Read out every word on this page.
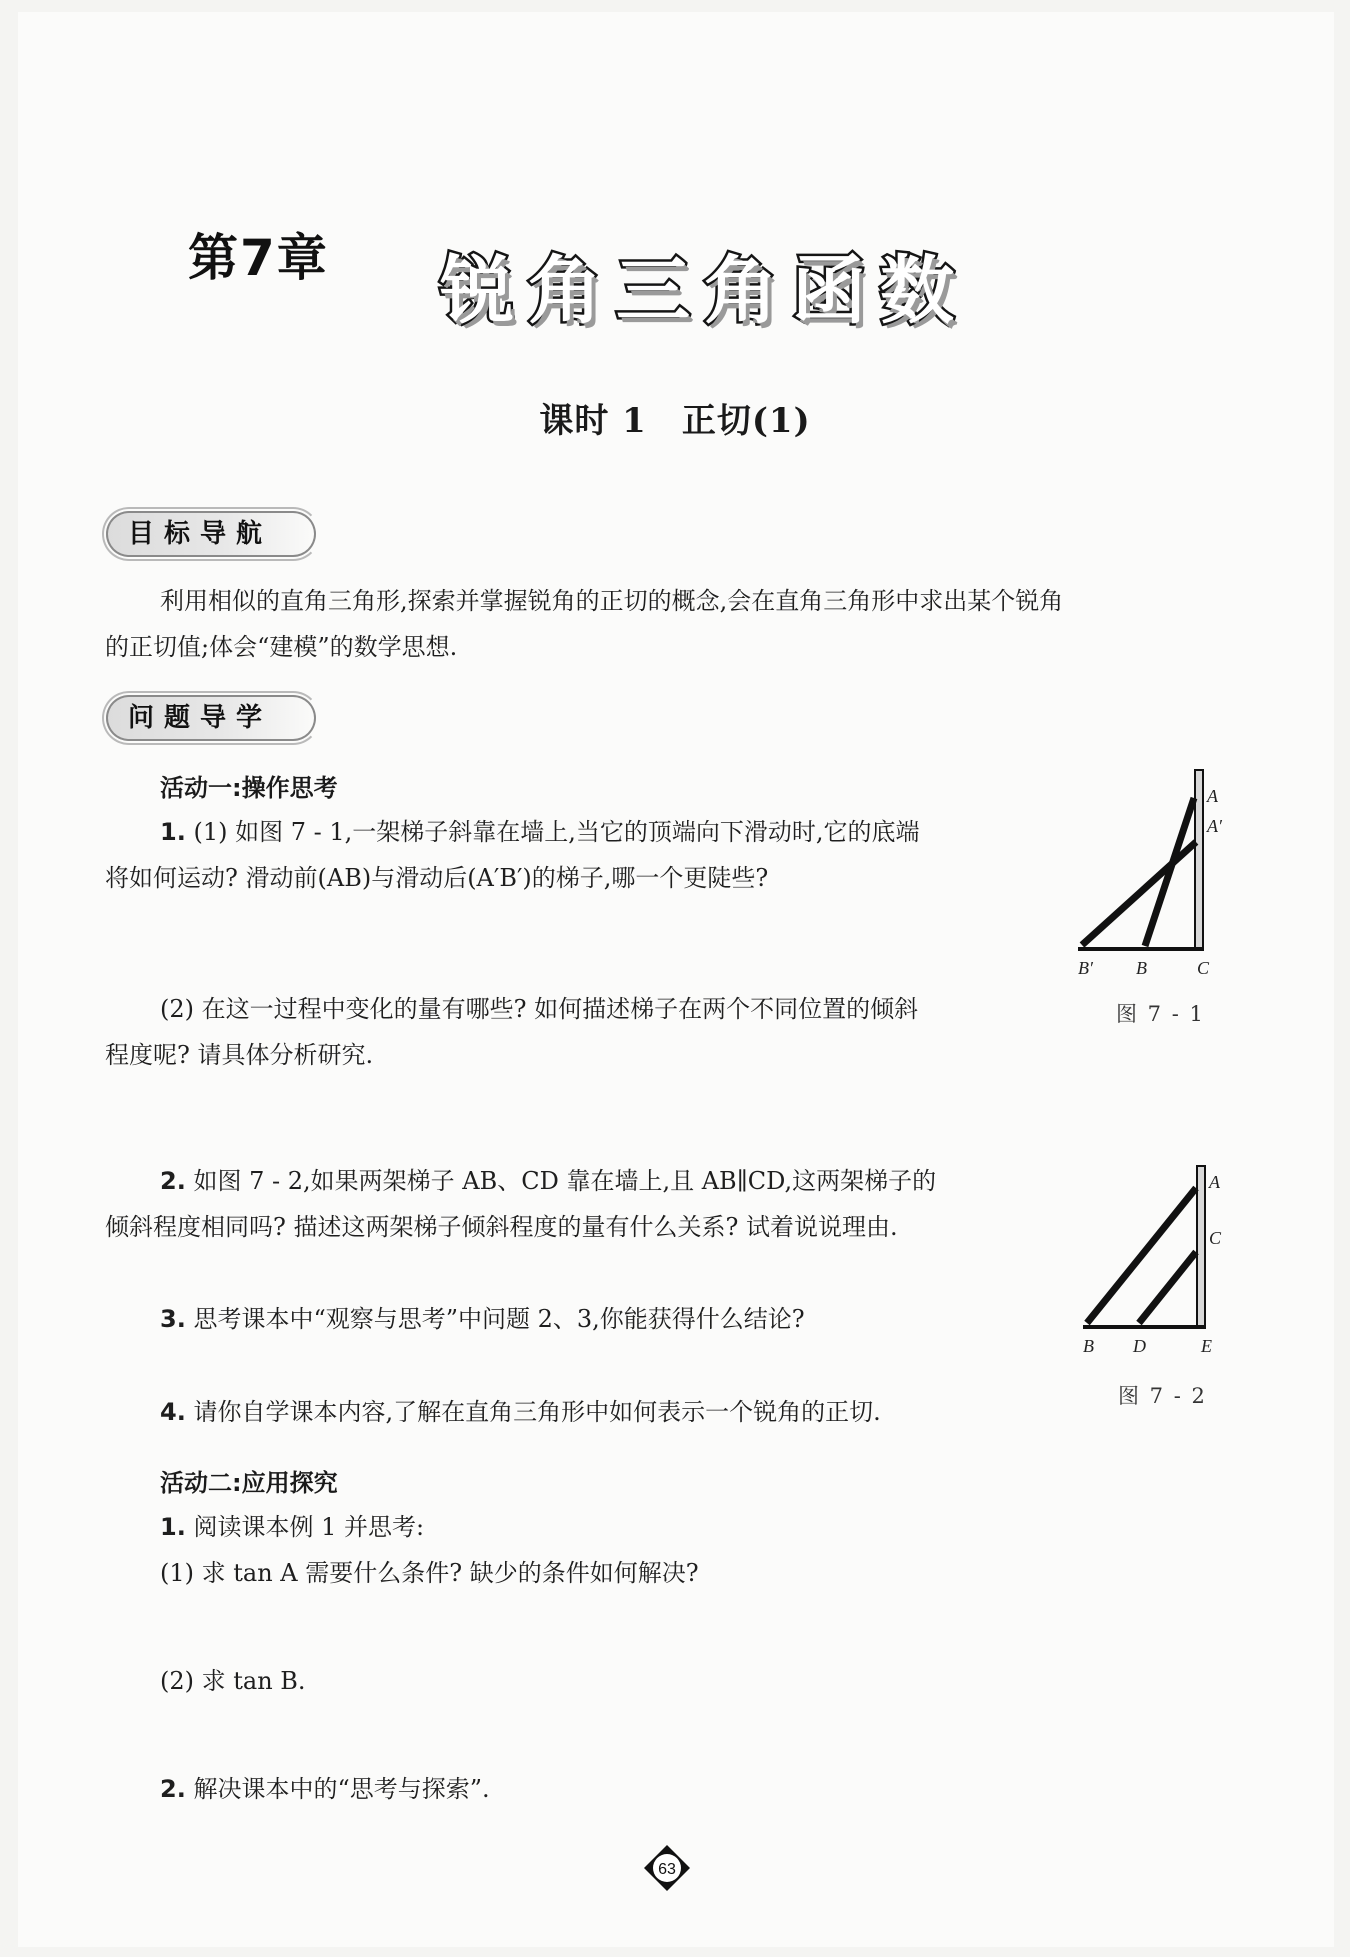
第7章 锐角三角函数
课时 1　正切(1)
目标导航
利用相似的直角三角形,探索并掌握锐角的正切的概念,会在直角三角形中求出某个锐角
的正切值;体会“建模”的数学思想.
问题导学
活动一:操作思考
1. (1) 如图 7 - 1,一架梯子斜靠在墙上,当它的顶端向下滑动时,它的底端
将如何运动? 滑动前(AB)与滑动后(A′B′)的梯子,哪一个更陡些?
(2) 在这一过程中变化的量有哪些? 如何描述梯子在两个不同位置的倾斜
程度呢? 请具体分析研究.
2. 如图 7 - 2,如果两架梯子 AB、CD 靠在墙上,且 AB∥CD,这两架梯子的
倾斜程度相同吗? 描述这两架梯子倾斜程度的量有什么关系? 试着说说理由.
3. 思考课本中“观察与思考”中问题 2、3,你能获得什么结论?
4. 请你自学课本内容,了解在直角三角形中如何表示一个锐角的正切.
活动二:应用探究
1. 阅读课本例 1 并思考:
(1) 求 tan A 需要什么条件? 缺少的条件如何解决?
(2) 求 tan B.
2. 解决课本中的“思考与探索”.
A
A′
B′ B	C
图 7 - 1
A
C
B D	E
图 7 - 2
63
